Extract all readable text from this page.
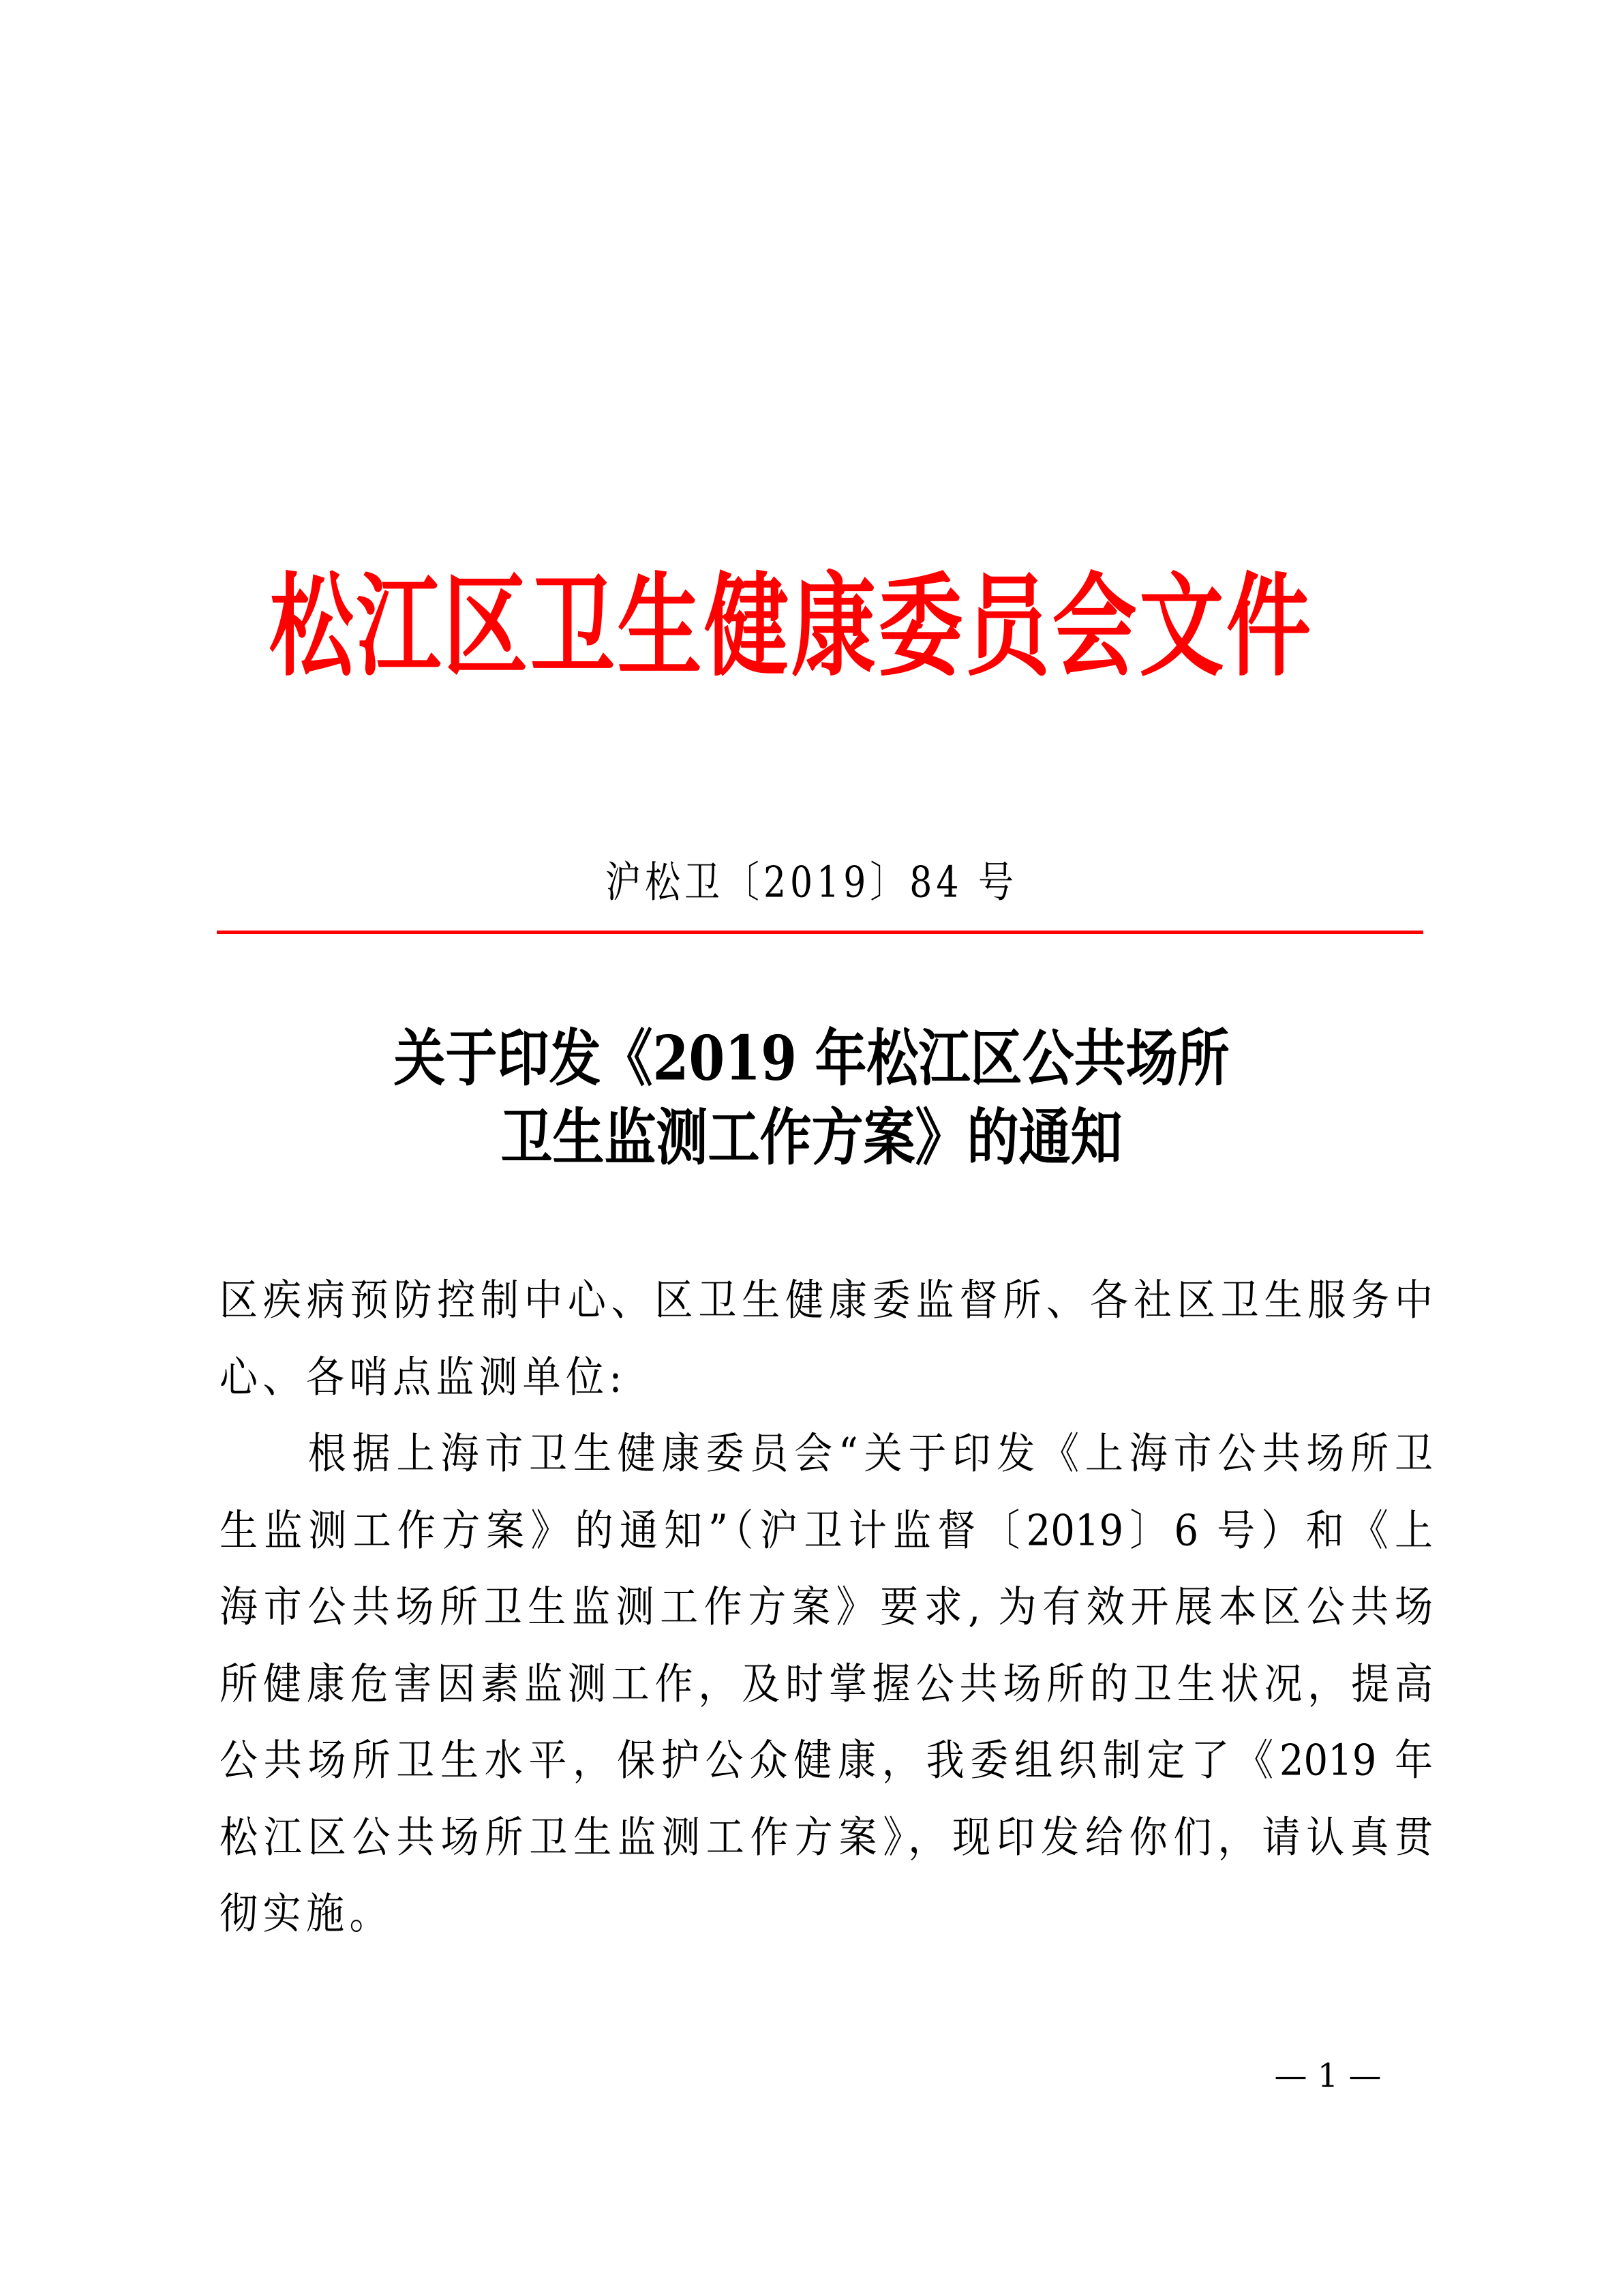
松江区卫生健康委员会文件
沪松卫〔2019〕84 号
关于印发《2019 年松江区公共场所
卫生监测工作方案》的通知
区疾病预防控制中心、区卫生健康委监督所、各社区卫生服务中
心、各哨点监测单位:
　　根据上海市卫生健康委员会“关于印发《上海市公共场所卫
生监测工作方案》的通知”（沪卫计监督〔2019〕6 号）和《上
海市公共场所卫生监测工作方案》要求, 为有效开展本区公共场
所健康危害因素监测工作，及时掌握公共场所的卫生状况，提高
公共场所卫生水平，保护公众健康，我委组织制定了《2019 年
松江区公共场所卫生监测工作方案》，现印发给你们，请认真贯
彻实施。
— 1 —
